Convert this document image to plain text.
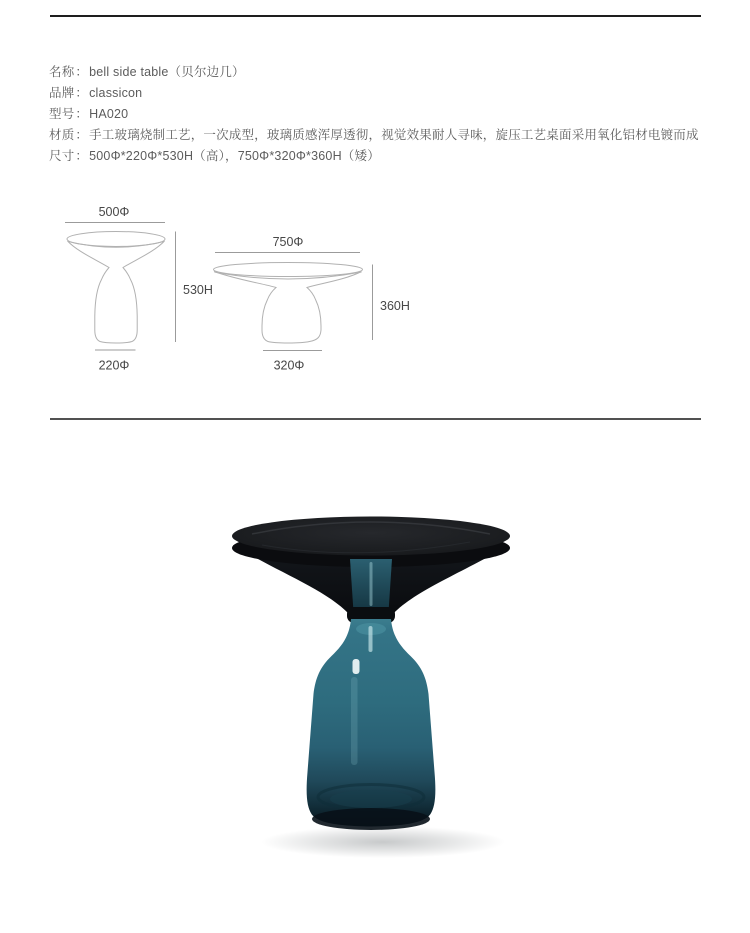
名称：bell side table（贝尔边几）
品牌：classicon
型号：HA020
材质：手工玻璃烧制工艺，一次成型，玻璃质感浑厚透彻，视觉效果耐人寻味，旋压工艺桌面采用氧化铝材电镀而成
尺寸：500Φ*220Φ*530H（高），750Φ*320Φ*360H（矮）
500Φ
530H
220Φ
750Φ
360H
320Φ
